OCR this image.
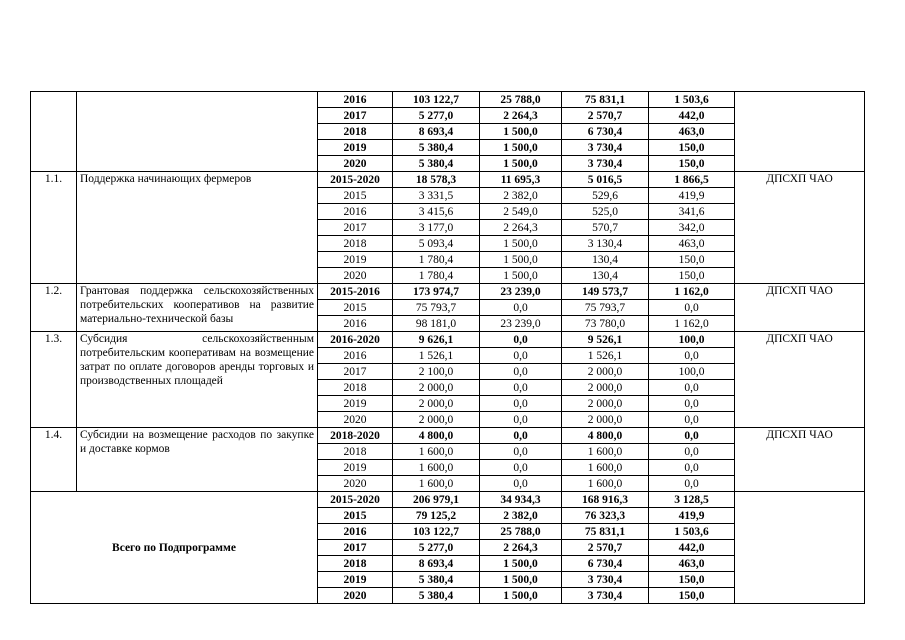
		2016	103 122,7	25 788,0	75 831,1	1 503,6	
		2017	5 277,0	2 264,3	2 570,7	442,0	
		2018	8 693,4	1 500,0	6 730,4	463,0	
		2019	5 380,4	1 500,0	3 730,4	150,0	
		2020	5 380,4	1 500,0	3 730,4	150,0	
1.1.	Поддержка начинающих фермеров	2015-2020	18 578,3	11 695,3	5 016,5	1 866,5	ДПСХП ЧАО
		2015	3 331,5	2 382,0	529,6	419,9	
		2016	3 415,6	2 549,0	525,0	341,6	
		2017	3 177,0	2 264,3	570,7	342,0	
		2018	5 093,4	1 500,0	3 130,4	463,0	
		2019	1 780,4	1 500,0	130,4	150,0	
		2020	1 780,4	1 500,0	130,4	150,0	
1.2.	Грантовая поддержка сельскохозяйственных потребительских кооперативов на развитие материально-технической базы	2015-2016	173 974,7	23 239,0	149 573,7	1 162,0	ДПСХП ЧАО
		2015	75 793,7	0,0	75 793,7	0,0	
		2016	98 181,0	23 239,0	73 780,0	1 162,0	
1.3.	Субсидия сельскохозяйственным потребительским кооперативам на возмещение затрат по оплате договоров аренды торговых и производственных площадей	2016-2020	9 626,1	0,0	9 526,1	100,0	ДПСХП ЧАО
		2016	1 526,1	0,0	1 526,1	0,0	
		2017	2 100,0	0,0	2 000,0	100,0	
		2018	2 000,0	0,0	2 000,0	0,0	
		2019	2 000,0	0,0	2 000,0	0,0	
		2020	2 000,0	0,0	2 000,0	0,0	
1.4.	Субсидии на возмещение расходов по закупке и доставке кормов	2018-2020	4 800,0	0,0	4 800,0	0,0	ДПСХП ЧАО
		2018	1 600,0	0,0	1 600,0	0,0	
		2019	1 600,0	0,0	1 600,0	0,0	
		2020	1 600,0	0,0	1 600,0	0,0	
Всего по Подпрограмме		2015-2020	206 979,1	34 934,3	168 916,3	3 128,5	
		2015	79 125,2	2 382,0	76 323,3	419,9	
		2016	103 122,7	25 788,0	75 831,1	1 503,6	
		2017	5 277,0	2 264,3	2 570,7	442,0	
		2018	8 693,4	1 500,0	6 730,4	463,0	
		2019	5 380,4	1 500,0	3 730,4	150,0	
		2020	5 380,4	1 500,0	3 730,4	150,0	
